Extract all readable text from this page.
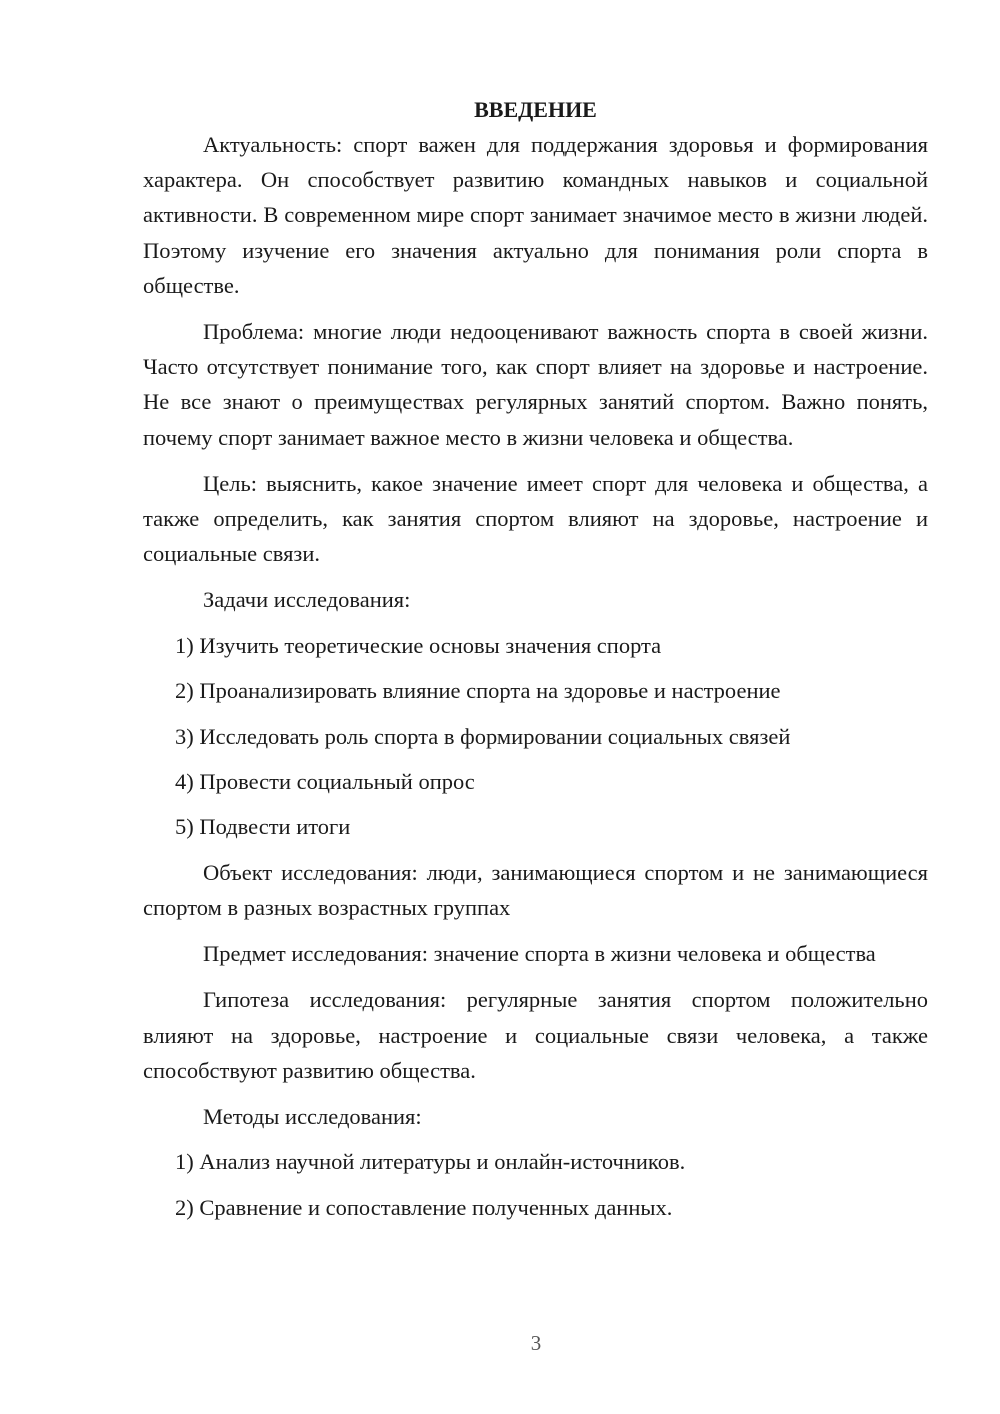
ВВЕДЕНИЕ

Актуальность: спорт важен для поддержания здоровья и формирования характера. Он способствует развитию командных навыков и социальной активности. В современном мире спорт занимает значимое место в жизни людей. Поэтому изучение его значения актуально для понимания роли спорта в обществе.

Проблема: многие люди недооценивают важность спорта в своей жизни. Часто отсутствует понимание того, как спорт влияет на здоровье и настроение. Не все знают о преимуществах регулярных занятий спортом. Важно понять, почему спорт занимает важное место в жизни человека и общества.

Цель: выяснить, какое значение имеет спорт для человека и общества, а также определить, как занятия спортом влияют на здоровье, настроение и социальные связи.

Задачи исследования:

1) Изучить теоретические основы значения спорта

2) Проанализировать влияние спорта на здоровье и настроение

3) Исследовать роль спорта в формировании социальных связей

4) Провести социальный опрос

5) Подвести итоги

Объект исследования: люди, занимающиеся спортом и не занимающиеся спортом в разных возрастных группах

Предмет исследования: значение спорта в жизни человека и общества

Гипотеза исследования: регулярные занятия спортом положительно влияют на здоровье, настроение и социальные связи человека, а также способствуют развитию общества.

Методы исследования:

1) Анализ научной литературы и онлайн-источников.

2) Сравнение и сопоставление полученных данных.

3
